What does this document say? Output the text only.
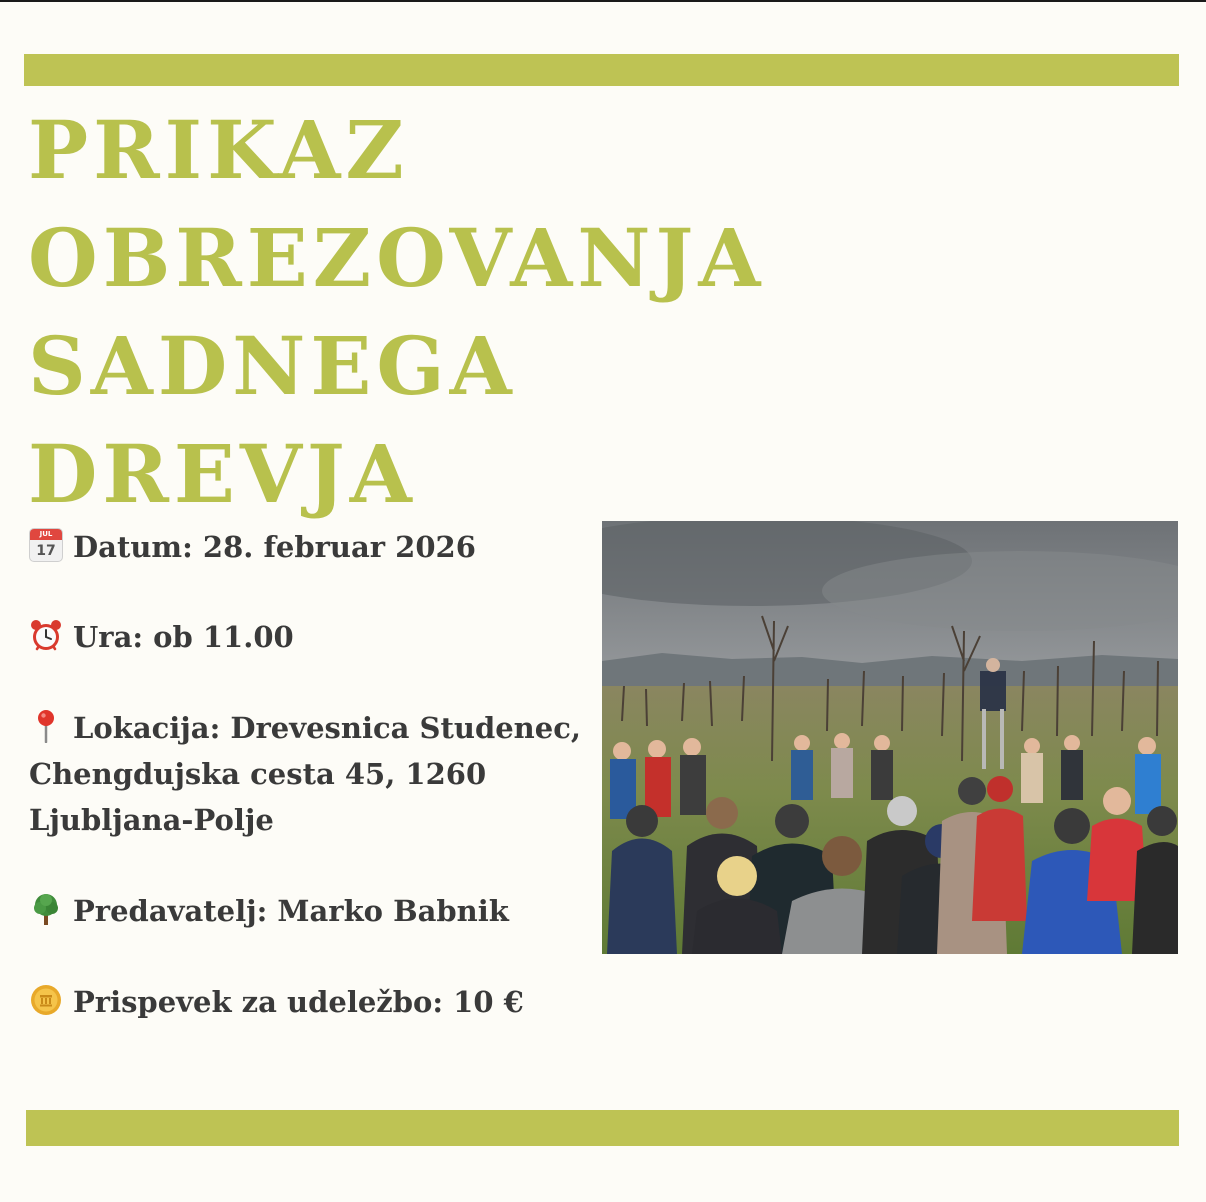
PRIKAZ
OBREZOVANJA
SADNEGA
DREVJA

JUL
17 Datum: 28. februar 2026

Ura: ob 11.00

Lokacija: Drevesnica Studenec, Chengdujska cesta 45, 1260 Ljubljana-Polje

Predavatelj: Marko Babnik

Prispevek za udeležbo: 10 €
